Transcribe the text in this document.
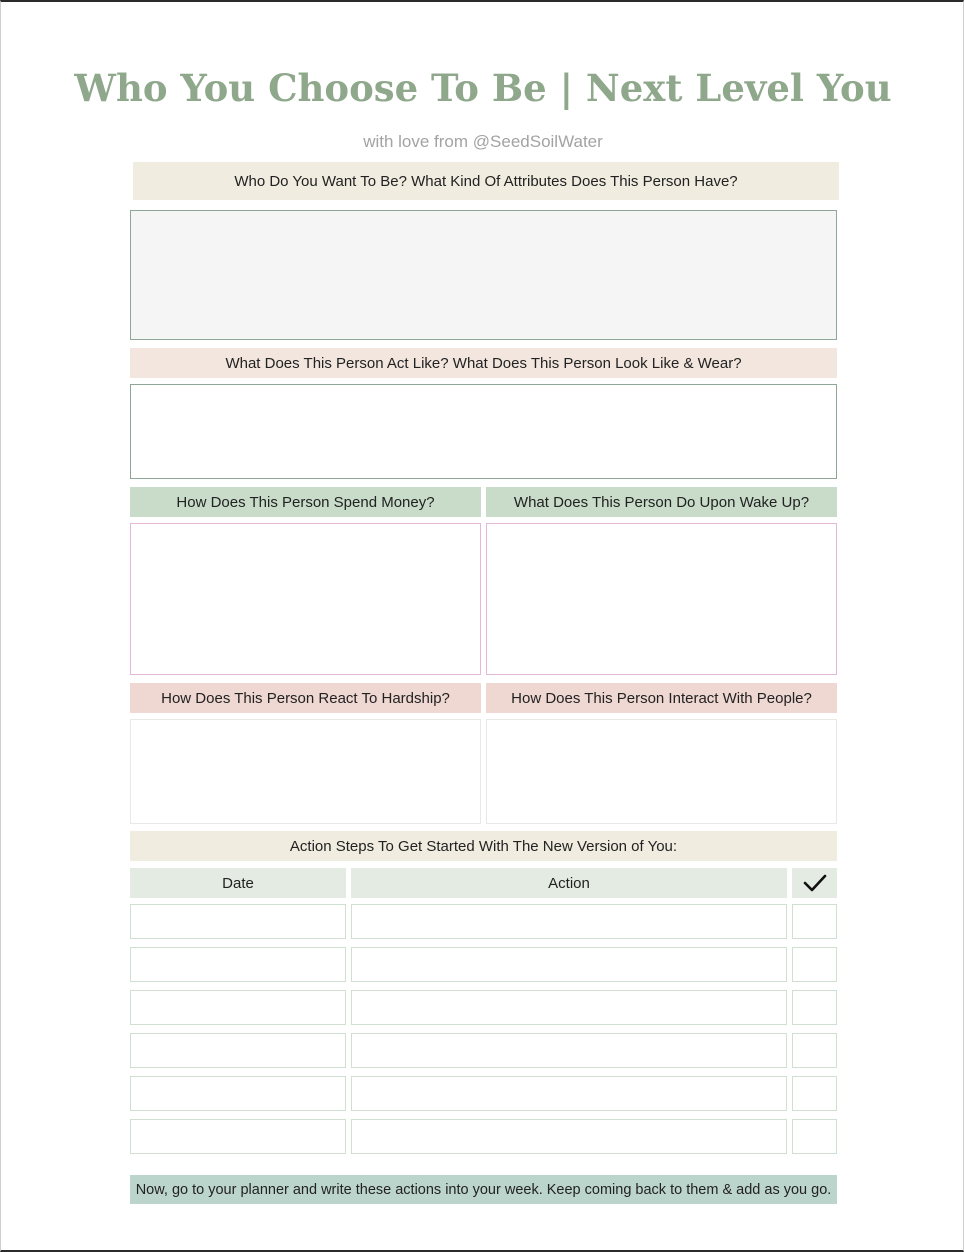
Who You Choose To Be | Next Level You
with love from @SeedSoilWater
Who Do You Want To Be? What Kind Of Attributes Does This Person Have?
What Does This Person Act Like? What Does This Person Look Like & Wear?
How Does This Person Spend Money?	What Does This Person Do Upon Wake Up?
How Does This Person React To Hardship?	How Does This Person Interact With People?
Action Steps To Get Started With The New Version of You:
Date	Action
Now, go to your planner and write these actions into your week. Keep coming back to them & add as you go.
